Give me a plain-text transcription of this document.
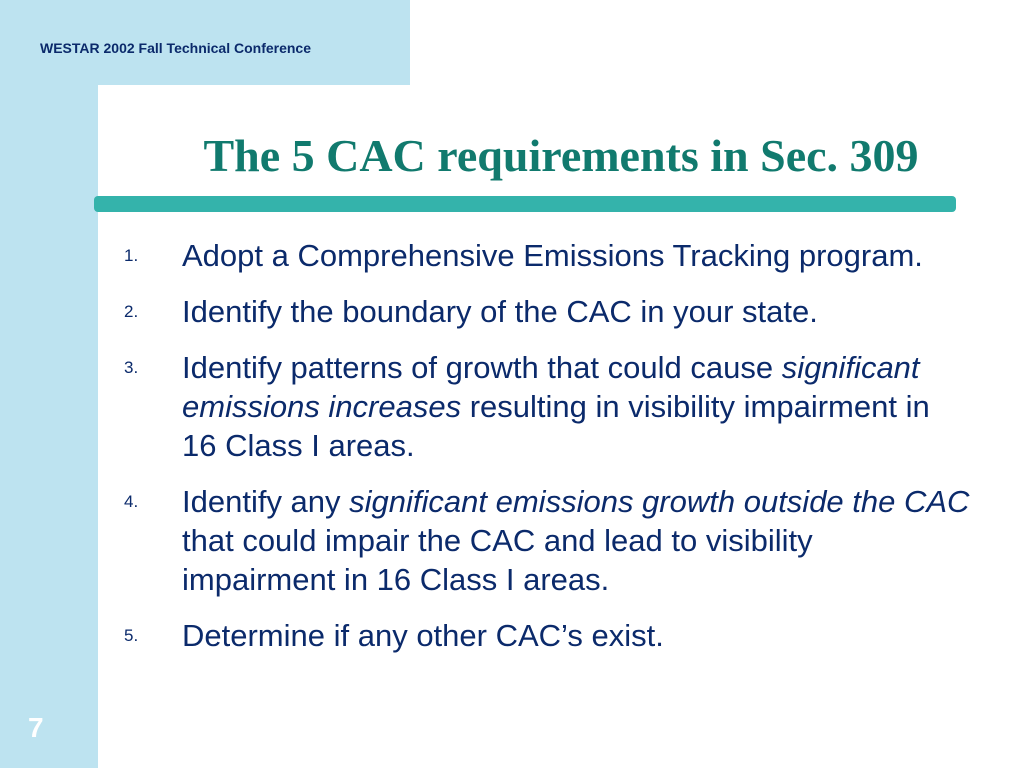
WESTAR 2002 Fall Technical Conference
The 5 CAC requirements in Sec. 309
1.	Adopt a Comprehensive Emissions Tracking program.
2.	Identify the boundary of the CAC in your state.
3.	Identify patterns of growth that could cause significant emissions increases resulting in visibility impairment in 16 Class I areas.
4.	Identify any significant emissions growth outside the CAC that could impair the CAC and lead to visibility impairment in 16 Class I areas.
5.	Determine if any other CAC’s exist.
7
